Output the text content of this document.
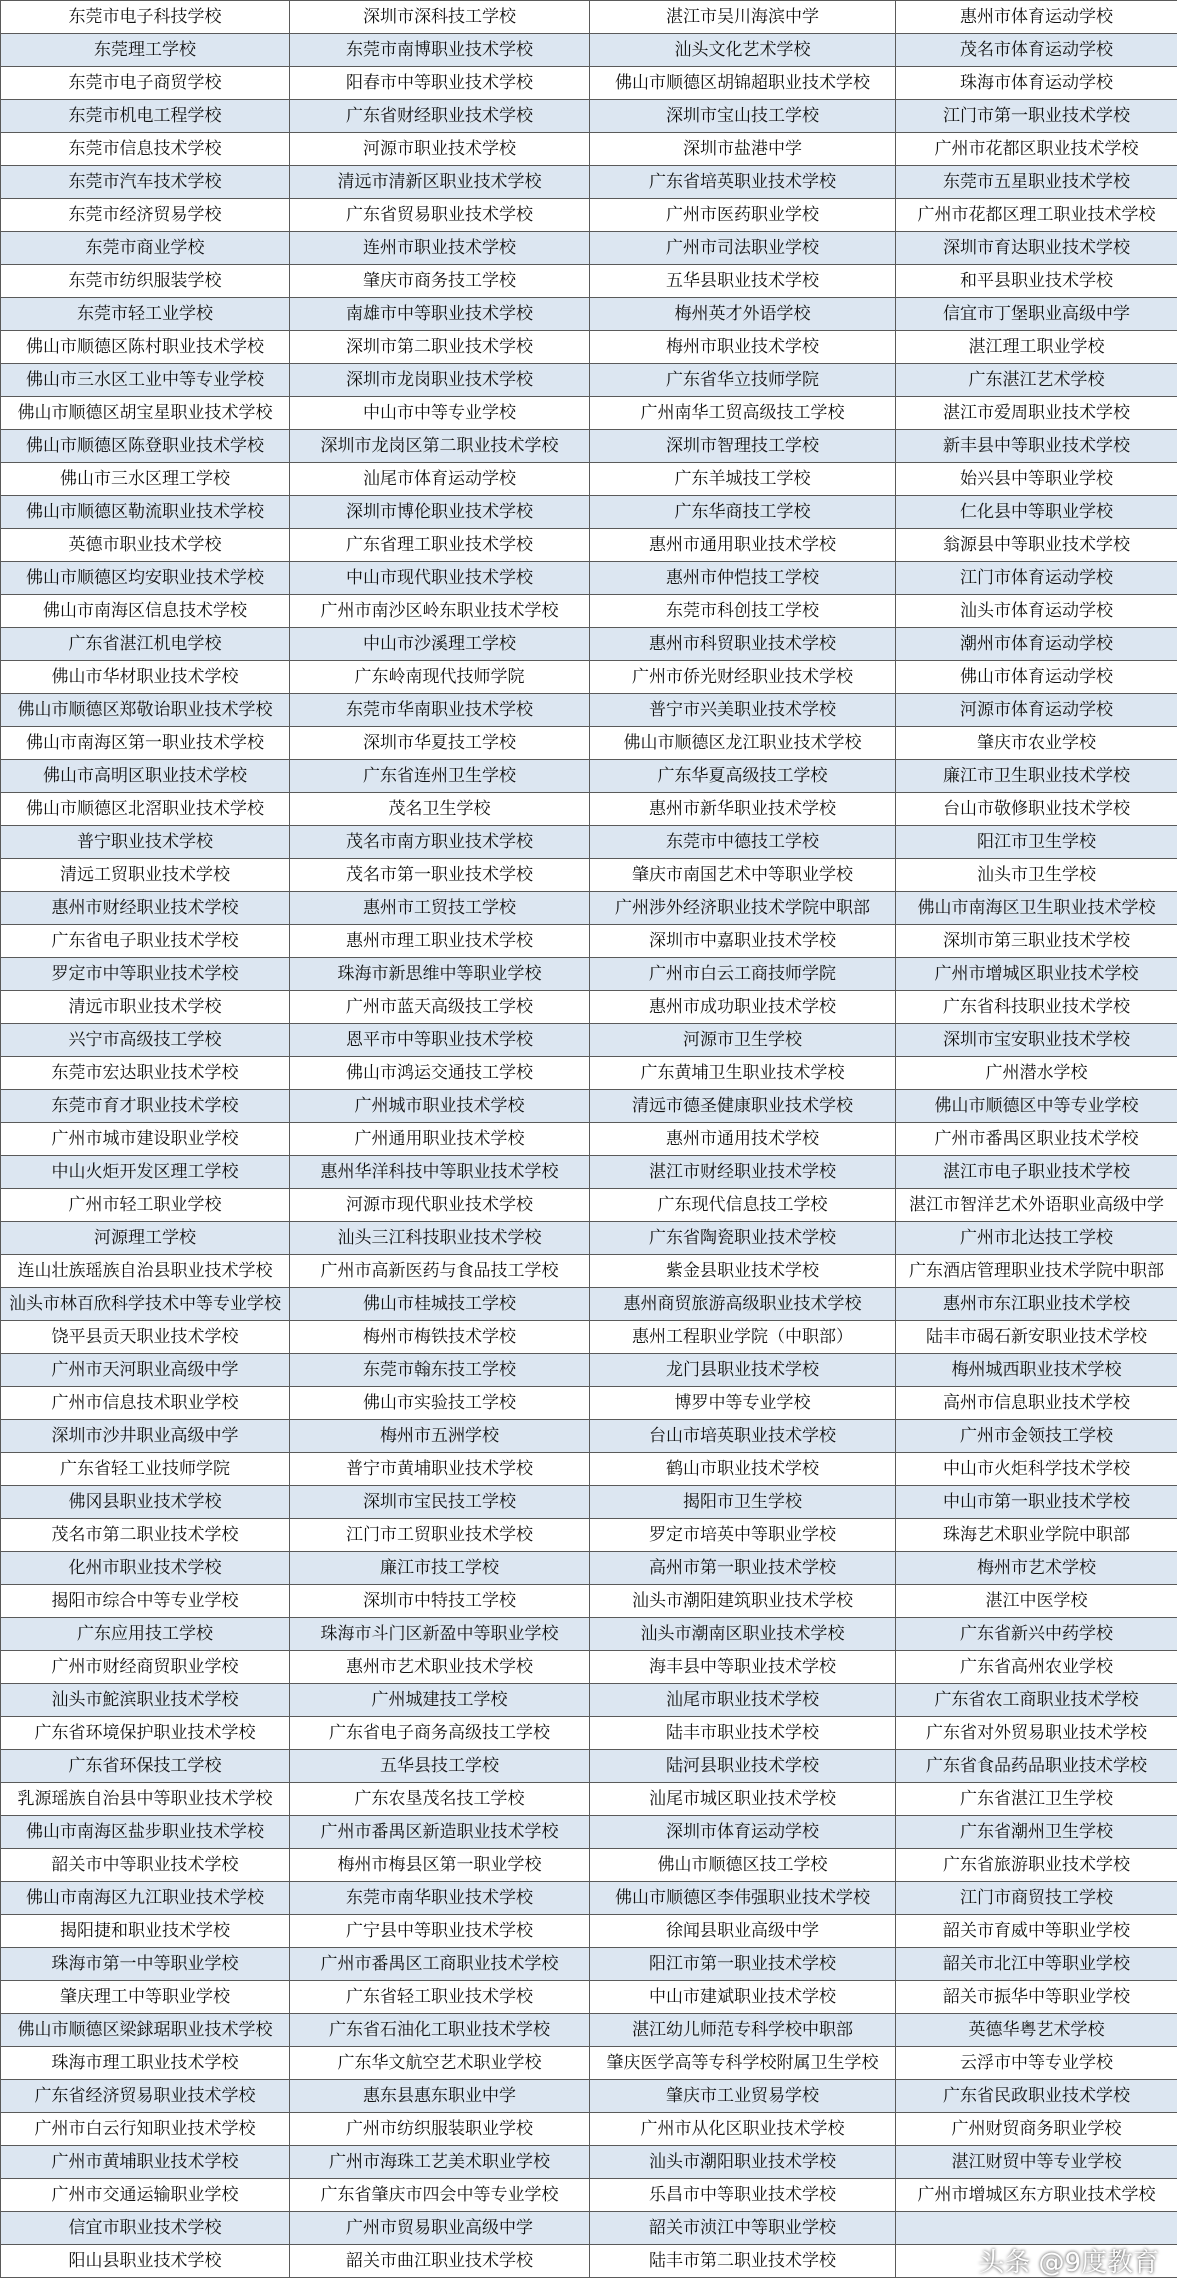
东莞市电子科技学校	深圳市深科技工学校	湛江市吴川海滨中学	惠州市体育运动学校
东莞理工学校	东莞市南博职业技术学校	汕头文化艺术学校	茂名市体育运动学校
东莞市电子商贸学校	阳春市中等职业技术学校	佛山市顺德区胡锦超职业技术学校	珠海市体育运动学校
东莞市机电工程学校	广东省财经职业技术学校	深圳市宝山技工学校	江门市第一职业技术学校
东莞市信息技术学校	河源市职业技术学校	深圳市盐港中学	广州市花都区职业技术学校
东莞市汽车技术学校	清远市清新区职业技术学校	广东省培英职业技术学校	东莞市五星职业技术学校
东莞市经济贸易学校	广东省贸易职业技术学校	广州市医药职业学校	广州市花都区理工职业技术学校
东莞市商业学校	连州市职业技术学校	广州市司法职业学校	深圳市育达职业技术学校
东莞市纺织服装学校	肇庆市商务技工学校	五华县职业技术学校	和平县职业技术学校
东莞市轻工业学校	南雄市中等职业技术学校	梅州英才外语学校	信宜市丁堡职业高级中学
佛山市顺德区陈村职业技术学校	深圳市第二职业技术学校	梅州市职业技术学校	湛江理工职业学校
佛山市三水区工业中等专业学校	深圳市龙岗职业技术学校	广东省华立技师学院	广东湛江艺术学校
佛山市顺德区胡宝星职业技术学校	中山市中等专业学校	广州南华工贸高级技工学校	湛江市爱周职业技术学校
佛山市顺德区陈登职业技术学校	深圳市龙岗区第二职业技术学校	深圳市智理技工学校	新丰县中等职业技术学校
佛山市三水区理工学校	汕尾市体育运动学校	广东羊城技工学校	始兴县中等职业学校
佛山市顺德区勒流职业技术学校	深圳市博伦职业技术学校	广东华商技工学校	仁化县中等职业学校
英德市职业技术学校	广东省理工职业技术学校	惠州市通用职业技术学校	翁源县中等职业技术学校
佛山市顺德区均安职业技术学校	中山市现代职业技术学校	惠州市仲恺技工学校	江门市体育运动学校
佛山市南海区信息技术学校	广州市南沙区岭东职业技术学校	东莞市科创技工学校	汕头市体育运动学校
广东省湛江机电学校	中山市沙溪理工学校	惠州市科贸职业技术学校	潮州市体育运动学校
佛山市华材职业技术学校	广东岭南现代技师学院	广州市侨光财经职业技术学校	佛山市体育运动学校
佛山市顺德区郑敬诒职业技术学校	东莞市华南职业技术学校	普宁市兴美职业技术学校	河源市体育运动学校
佛山市南海区第一职业技术学校	深圳市华夏技工学校	佛山市顺德区龙江职业技术学校	肇庆市农业学校
佛山市高明区职业技术学校	广东省连州卫生学校	广东华夏高级技工学校	廉江市卫生职业技术学校
佛山市顺德区北滘职业技术学校	茂名卫生学校	惠州市新华职业技术学校	台山市敬修职业技术学校
普宁职业技术学校	茂名市南方职业技术学校	东莞市中德技工学校	阳江市卫生学校
清远工贸职业技术学校	茂名市第一职业技术学校	肇庆市南国艺术中等职业学校	汕头市卫生学校
惠州市财经职业技术学校	惠州市工贸技工学校	广州涉外经济职业技术学院中职部	佛山市南海区卫生职业技术学校
广东省电子职业技术学校	惠州市理工职业技术学校	深圳市中嘉职业技术学校	深圳市第三职业技术学校
罗定市中等职业技术学校	珠海市新思维中等职业学校	广州市白云工商技师学院	广州市增城区职业技术学校
清远市职业技术学校	广州市蓝天高级技工学校	惠州市成功职业技术学校	广东省科技职业技术学校
兴宁市高级技工学校	恩平市中等职业技术学校	河源市卫生学校	深圳市宝安职业技术学校
东莞市宏达职业技术学校	佛山市鸿运交通技工学校	广东黄埔卫生职业技术学校	广州潜水学校
东莞市育才职业技术学校	广州城市职业技术学校	清远市德圣健康职业技术学校	佛山市顺德区中等专业学校
广州市城市建设职业学校	广州通用职业技术学校	惠州市通用技术学校	广州市番禺区职业技术学校
中山火炬开发区理工学校	惠州华洋科技中等职业技术学校	湛江市财经职业技术学校	湛江市电子职业技术学校
广州市轻工职业学校	河源市现代职业技术学校	广东现代信息技工学校	湛江市智洋艺术外语职业高级中学
河源理工学校	汕头三江科技职业技术学校	广东省陶瓷职业技术学校	广州市北达技工学校
连山壮族瑶族自治县职业技术学校	广州市高新医药与食品技工学校	紫金县职业技术学校	广东酒店管理职业技术学院中职部
汕头市林百欣科学技术中等专业学校	佛山市桂城技工学校	惠州商贸旅游高级职业技术学校	惠州市东江职业技术学校
饶平县贡天职业技术学校	梅州市梅铁技术学校	惠州工程职业学院（中职部）	陆丰市碣石新安职业技术学校
广州市天河职业高级中学	东莞市翰东技工学校	龙门县职业技术学校	梅州城西职业技术学校
广州市信息技术职业学校	佛山市实验技工学校	博罗中等专业学校	高州市信息职业技术学校
深圳市沙井职业高级中学	梅州市五洲学校	台山市培英职业技术学校	广州市金领技工学校
广东省轻工业技师学院	普宁市黄埔职业技术学校	鹤山市职业技术学校	中山市火炬科学技术学校
佛冈县职业技术学校	深圳市宝民技工学校	揭阳市卫生学校	中山市第一职业技术学校
茂名市第二职业技术学校	江门市工贸职业技术学校	罗定市培英中等职业学校	珠海艺术职业学院中职部
化州市职业技术学校	廉江市技工学校	高州市第一职业技术学校	梅州市艺术学校
揭阳市综合中等专业学校	深圳市中特技工学校	汕头市潮阳建筑职业技术学校	湛江中医学校
广东应用技工学校	珠海市斗门区新盈中等职业学校	汕头市潮南区职业技术学校	广东省新兴中药学校
广州市财经商贸职业学校	惠州市艺术职业技术学校	海丰县中等职业技术学校	广东省高州农业学校
汕头市鮀滨职业技术学校	广州城建技工学校	汕尾市职业技术学校	广东省农工商职业技术学校
广东省环境保护职业技术学校	广东省电子商务高级技工学校	陆丰市职业技术学校	广东省对外贸易职业技术学校
广东省环保技工学校	五华县技工学校	陆河县职业技术学校	广东省食品药品职业技术学校
乳源瑶族自治县中等职业技术学校	广东农垦茂名技工学校	汕尾市城区职业技术学校	广东省湛江卫生学校
佛山市南海区盐步职业技术学校	广州市番禺区新造职业技术学校	深圳市体育运动学校	广东省潮州卫生学校
韶关市中等职业技术学校	梅州市梅县区第一职业学校	佛山市顺德区技工学校	广东省旅游职业技术学校
佛山市南海区九江职业技术学校	东莞市南华职业技术学校	佛山市顺德区李伟强职业技术学校	江门市商贸技工学校
揭阳捷和职业技术学校	广宁县中等职业技术学校	徐闻县职业高级中学	韶关市育威中等职业学校
珠海市第一中等职业学校	广州市番禺区工商职业技术学校	阳江市第一职业技术学校	韶关市北江中等职业学校
肇庆理工中等职业学校	广东省轻工职业技术学校	中山市建斌职业技术学校	韶关市振华中等职业学校
佛山市顺德区梁銶琚职业技术学校	广东省石油化工职业技术学校	湛江幼儿师范专科学校中职部	英德华粤艺术学校
珠海市理工职业技术学校	广东华文航空艺术职业学校	肇庆医学高等专科学校附属卫生学校	云浮市中等专业学校
广东省经济贸易职业技术学校	惠东县惠东职业中学	肇庆市工业贸易学校	广东省民政职业技术学校
广州市白云行知职业技术学校	广州市纺织服装职业学校	广州市从化区职业技术学校	广州财贸商务职业学校
广州市黄埔职业技术学校	广州市海珠工艺美术职业学校	汕头市潮阳职业技术学校	湛江财贸中等专业学校
广州市交通运输职业学校	广东省肇庆市四会中等专业学校	乐昌市中等职业技术学校	广州市增城区东方职业技术学校
信宜市职业技术学校	广州市贸易职业高级中学	韶关市浈江中等职业学校	
阳山县职业技术学校	韶关市曲江职业技术学校	陆丰市第二职业技术学校		头条 @9度教育
